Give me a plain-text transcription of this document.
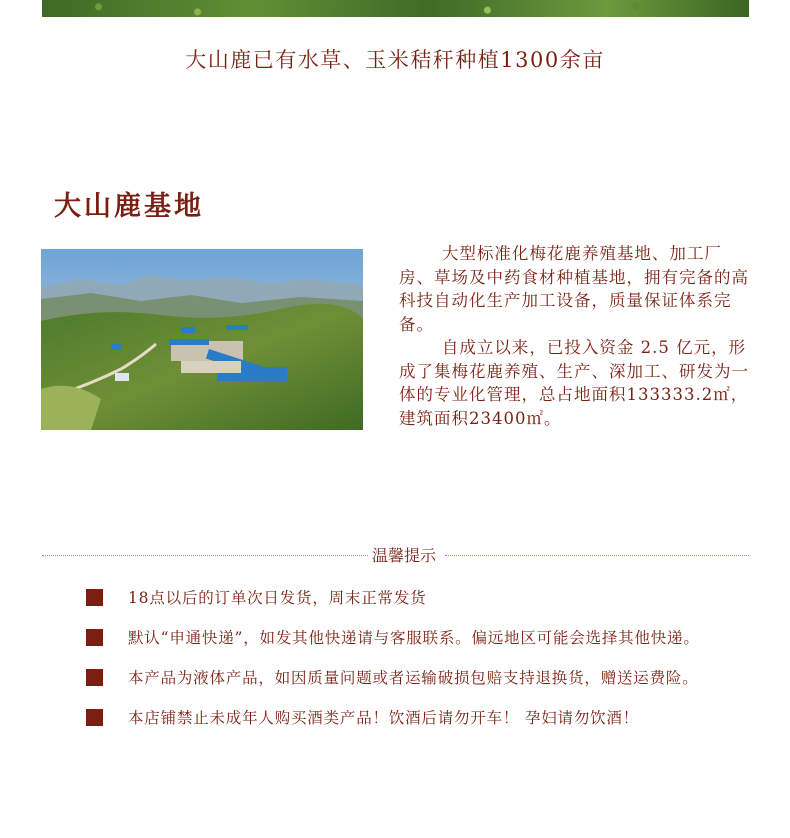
大山鹿已有水草、玉米秸秆种植1300余亩
大山鹿基地

大型标准化梅花鹿养殖基地、加工厂房、草场及中药食材种植基地，拥有完备的高科技自动化生产加工设备，质量保证体系完备。

自成立以来，已投入资金 2.5 亿元，形成了集梅花鹿养殖、生产、深加工、研发为一体的专业化管理，总占地面积133333.2㎡，建筑面积23400㎡。

温馨提示
18点以后的订单次日发货，周末正常发货
默认“申通快递”，如发其他快递请与客服联系。偏远地区可能会选择其他快递。
本产品为液体产品，如因质量问题或者运输破损包赔支持退换货，赠送运费险。
本店铺禁止未成年人购买酒类产品！饮酒后请勿开车！ 孕妇请勿饮酒！
